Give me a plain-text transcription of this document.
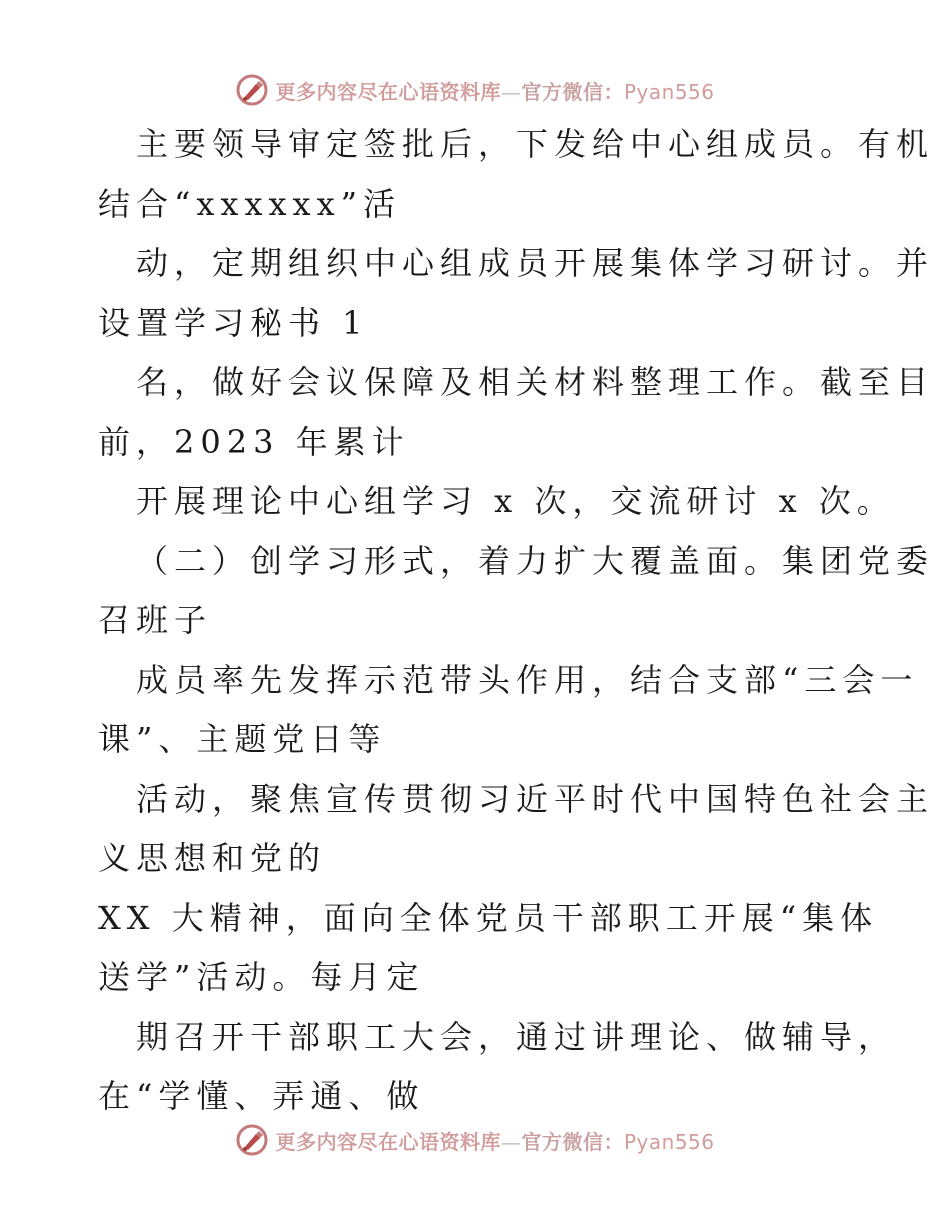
更多内容尽在心语资料库—官方微信：Pyan556
主要领导审定签批后，下发给中心组成员。有机
结合“xxxxxx”活
动，定期组织中心组成员开展集体学习研讨。并
设置学习秘书 1
名，做好会议保障及相关材料整理工作。截至目
前，2023 年累计
开展理论中心组学习 x 次，交流研讨 x 次。
（二）创学习形式，着力扩大覆盖面。集团党委
召班子
成员率先发挥示范带头作用，结合支部“三会一
课”、主题党日等
活动，聚焦宣传贯彻习近平时代中国特色社会主
义思想和党的
XX 大精神，面向全体党员干部职工开展“集体
送学”活动。每月定
期召开干部职工大会，通过讲理论、做辅导，
在“学懂、弄通、做
更多内容尽在心语资料库—官方微信：Pyan556
